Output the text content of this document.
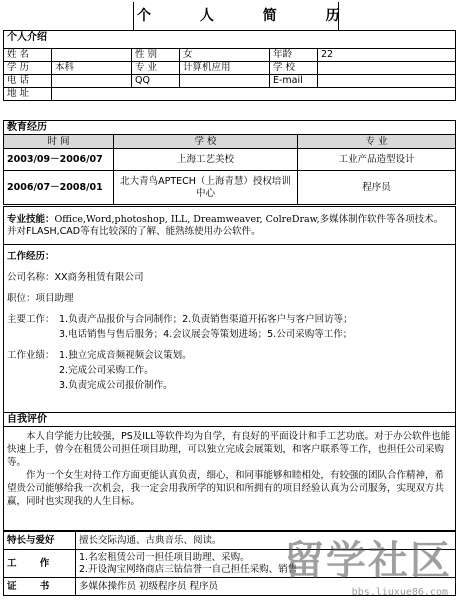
	个 人 简 历	
个人介绍					

姓 名		性 别	女	年龄	22
学 历	本科	专 业	计算机应用	学 校	
电 话		QQ		E-mail	
地 址					
教育经历		
时 间	学 校	专 业
2003/09－2006/07	上海工艺美校	工业产品造型设计
2006/07－2008/01	北大青鸟APTECH（上海青慧）授权培训中心	程序员
专业技能：Office,Word,photoshop, ILL, Dreamweaver, ColreDraw,多媒体制作软件等各项技术。并对FLASH,CAD等有比较深的了解、能熟练使用办公软件。

工作经历：
公司名称：XX商务租赁有限公司
职位：项目助理
主要工作： 1.负责产品报价与合同制作；2.负责销售渠道开拓客户与客户回访等；
3.电话销售与售后服务；4.会议展会等策划进场；5.公司采购等工作；
工作业绩： 1.独立完成音频视频会议策划。
2.完成公司采购工作。
3.负责完成公司报价制作。

自我评价

本人自学能力比较强，PS及ILL等软件均为自学，有良好的平面设计和手工艺功底。对于办公软件也能快速上手，曾今在租赁公司担任项目助理，可以独立完成会展策划，和客户联系等工作，也担任公司采购等。

作为一个女生对待工作方面更能认真负责，细心，和同事能够和睦相处，有较强的团队合作精神，希望贵公司能够给我一次机会，我一定会用我所学的知识和所拥有的项目经验认真为公司服务，实现双方共赢，同时也实现我的人生目标。

特长与爱好	擅长交际沟通、古典音乐、阅读。
工 作	1.名宏租赁公司一担任项目助理、采购。
2.开设淘宝网络商店三钻信誉一自己担任采购、销售

证 书	多媒体操作员 初级程序员 程序员
留学社区
bbs.liuxue86.com
